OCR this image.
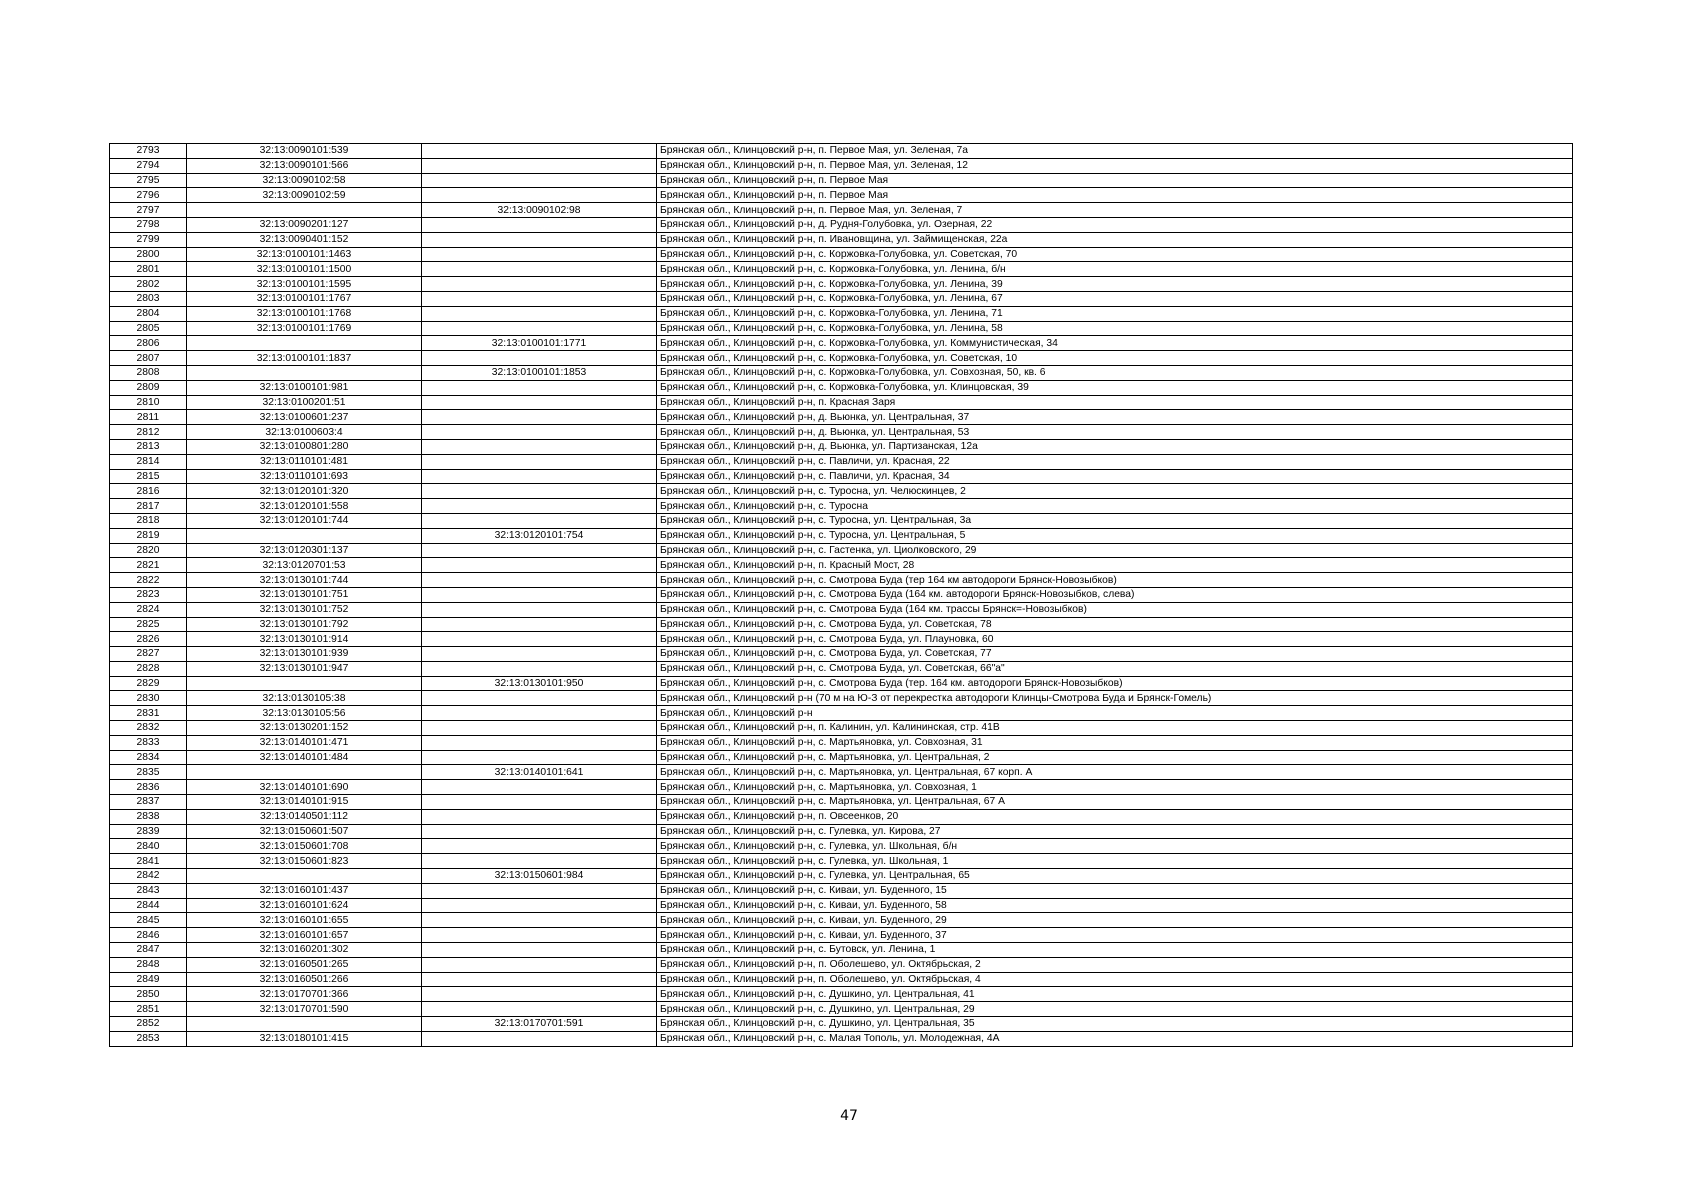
2793	32:13:0090101:539		Брянская обл., Клинцовский р-н, п. Первое Мая, ул. Зеленая, 7а
2794	32:13:0090101:566		Брянская обл., Клинцовский р-н, п. Первое Мая, ул. Зеленая, 12
2795	32:13:0090102:58		Брянская обл., Клинцовский р-н, п. Первое Мая
2796	32:13:0090102:59		Брянская обл., Клинцовский р-н, п. Первое Мая
2797		32:13:0090102:98	Брянская обл., Клинцовский р-н, п. Первое Мая, ул. Зеленая, 7
2798	32:13:0090201:127		Брянская обл., Клинцовский р-н, д. Рудня-Голубовка, ул. Озерная, 22
2799	32:13:0090401:152		Брянская обл., Клинцовский р-н, п. Ивановщина, ул. Займищенская, 22а
2800	32:13:0100101:1463		Брянская обл., Клинцовский р-н, с. Коржовка-Голубовка, ул. Советская, 70
2801	32:13:0100101:1500		Брянская обл., Клинцовский р-н, с. Коржовка-Голубовка, ул. Ленина, б/н
2802	32:13:0100101:1595		Брянская обл., Клинцовский р-н, с. Коржовка-Голубовка, ул. Ленина, 39
2803	32:13:0100101:1767		Брянская обл., Клинцовский р-н, с. Коржовка-Голубовка, ул. Ленина, 67
2804	32:13:0100101:1768		Брянская обл., Клинцовский р-н, с. Коржовка-Голубовка, ул. Ленина, 71
2805	32:13:0100101:1769		Брянская обл., Клинцовский р-н, с. Коржовка-Голубовка, ул. Ленина, 58
2806		32:13:0100101:1771	Брянская обл., Клинцовский р-н, с. Коржовка-Голубовка, ул. Коммунистическая, 34
2807	32:13:0100101:1837		Брянская обл., Клинцовский р-н, с. Коржовка-Голубовка, ул. Советская, 10
2808		32:13:0100101:1853	Брянская обл., Клинцовский р-н, с. Коржовка-Голубовка, ул. Совхозная, 50, кв. 6
2809	32:13:0100101:981		Брянская обл., Клинцовский р-н, с. Коржовка-Голубовка, ул. Клинцовская, 39
2810	32:13:0100201:51		Брянская обл., Клинцовский р-н, п. Красная Заря
2811	32:13:0100601:237		Брянская обл., Клинцовский р-н, д. Вьюнка, ул. Центральная, 37
2812	32:13:0100603:4		Брянская обл., Клинцовский р-н, д. Вьюнка, ул. Центральная, 53
2813	32:13:0100801:280		Брянская обл., Клинцовский р-н, д. Вьюнка, ул. Партизанская, 12а
2814	32:13:0110101:481		Брянская обл., Клинцовский р-н, с. Павличи, ул. Красная, 22
2815	32:13:0110101:693		Брянская обл., Клинцовский р-н, с. Павличи, ул. Красная, 34
2816	32:13:0120101:320		Брянская обл., Клинцовский р-н, с. Туросна, ул. Челюскинцев, 2
2817	32:13:0120101:558		Брянская обл., Клинцовский р-н, с. Туросна
2818	32:13:0120101:744		Брянская обл., Клинцовский р-н, с. Туросна, ул. Центральная, 3а
2819		32:13:0120101:754	Брянская обл., Клинцовский р-н, с. Туросна, ул. Центральная, 5
2820	32:13:0120301:137		Брянская обл., Клинцовский р-н, с. Гастенка, ул. Циолковского, 29
2821	32:13:0120701:53		Брянская обл., Клинцовский р-н, п. Красный Мост, 28
2822	32:13:0130101:744		Брянская обл., Клинцовский р-н, с. Смотрова Буда (тер 164 км автодороги Брянск-Новозыбков)
2823	32:13:0130101:751		Брянская обл., Клинцовский р-н, с. Смотрова Буда (164 км. автодороги Брянск-Новозыбков, слева)
2824	32:13:0130101:752		Брянская обл., Клинцовский р-н, с. Смотрова Буда (164 км. трассы Брянск=-Новозыбков)
2825	32:13:0130101:792		Брянская обл., Клинцовский р-н, с. Смотрова Буда, ул. Советская, 78
2826	32:13:0130101:914		Брянская обл., Клинцовский р-н, с. Смотрова Буда, ул. Плауновка, 60
2827	32:13:0130101:939		Брянская обл., Клинцовский р-н, с. Смотрова Буда, ул. Советская, 77
2828	32:13:0130101:947		Брянская обл., Клинцовский р-н, с. Смотрова Буда, ул. Советская, 66"а"
2829		32:13:0130101:950	Брянская обл., Клинцовский р-н, с. Смотрова Буда (тер. 164 км. автодороги Брянск-Новозыбков)
2830	32:13:0130105:38		Брянская обл., Клинцовский р-н (70 м на Ю-З от перекрестка автодороги Клинцы-Смотрова Буда и Брянск-Гомель)
2831	32:13:0130105:56		Брянская обл., Клинцовский р-н
2832	32:13:0130201:152		Брянская обл., Клинцовский р-н, п. Калинин, ул. Калининская, стр. 41В
2833	32:13:0140101:471		Брянская обл., Клинцовский р-н, с. Мартьяновка, ул. Совхозная, 31
2834	32:13:0140101:484		Брянская обл., Клинцовский р-н, с. Мартьяновка, ул. Центральная, 2
2835		32:13:0140101:641	Брянская обл., Клинцовский р-н, с. Мартьяновка, ул. Центральная, 67 корп. А
2836	32:13:0140101:690		Брянская обл., Клинцовский р-н, с. Мартьяновка, ул. Совхозная, 1
2837	32:13:0140101:915		Брянская обл., Клинцовский р-н, с. Мартьяновка, ул. Центральная, 67 А
2838	32:13:0140501:112		Брянская обл., Клинцовский р-н, п. Овсеенков, 20
2839	32:13:0150601:507		Брянская обл., Клинцовский р-н, с. Гулевка, ул. Кирова, 27
2840	32:13:0150601:708		Брянская обл., Клинцовский р-н, с. Гулевка, ул. Школьная, б/н
2841	32:13:0150601:823		Брянская обл., Клинцовский р-н, с. Гулевка, ул. Школьная, 1
2842		32:13:0150601:984	Брянская обл., Клинцовский р-н, с. Гулевка, ул. Центральная, 65
2843	32:13:0160101:437		Брянская обл., Клинцовский р-н, с. Киваи, ул. Буденного, 15
2844	32:13:0160101:624		Брянская обл., Клинцовский р-н, с. Киваи, ул. Буденного, 58
2845	32:13:0160101:655		Брянская обл., Клинцовский р-н, с. Киваи, ул. Буденного, 29
2846	32:13:0160101:657		Брянская обл., Клинцовский р-н, с. Киваи, ул. Буденного, 37
2847	32:13:0160201:302		Брянская обл., Клинцовский р-н, с. Бутовск, ул. Ленина, 1
2848	32:13:0160501:265		Брянская обл., Клинцовский р-н, п. Оболешево, ул. Октябрьская, 2
2849	32:13:0160501:266		Брянская обл., Клинцовский р-н, п. Оболешево, ул. Октябрьская, 4
2850	32:13:0170701:366		Брянская обл., Клинцовский р-н, с. Душкино, ул. Центральная, 41
2851	32:13:0170701:590		Брянская обл., Клинцовский р-н, с. Душкино, ул. Центральная, 29
2852		32:13:0170701:591	Брянская обл., Клинцовский р-н, с. Душкино, ул. Центральная, 35
2853	32:13:0180101:415		Брянская обл., Клинцовский р-н, с. Малая Тополь, ул. Молодежная, 4А
47
